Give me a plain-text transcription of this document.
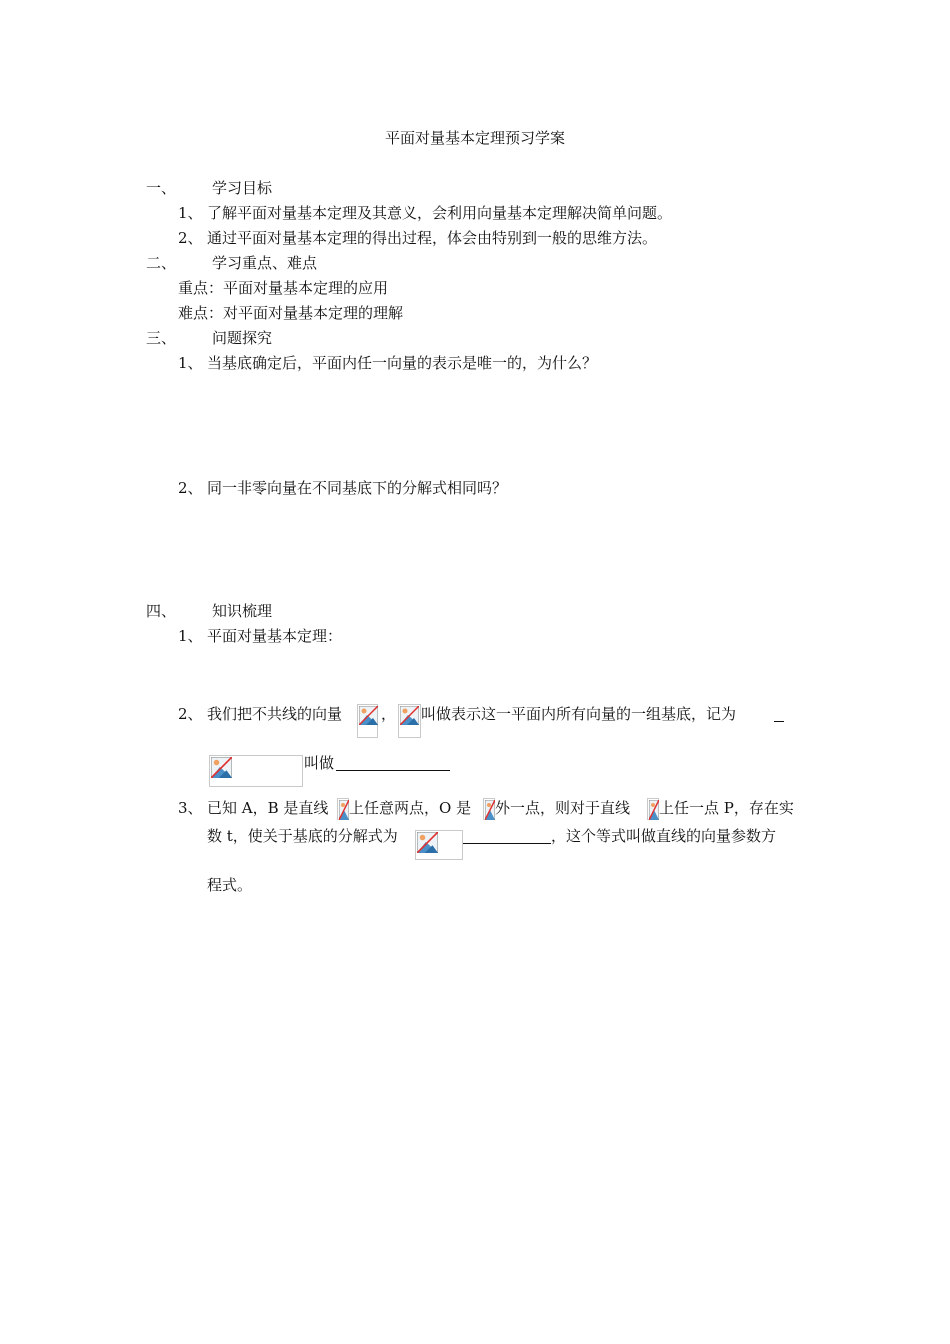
平面对量基本定理预习学案
一、 学习目标
1、 了解平面对量基本定理及其意义，会利用向量基本定理解决简单问题。
2、 通过平面对量基本定理的得出过程，体会由特别到一般的思维方法。
二、 学习重点、难点
重点：平面对量基本定理的应用
难点：对平面对量基本定理的理解
三、 问题探究
1、 当基底确定后，平面内任一向量的表示是唯一的，为什么？
2、 同一非零向量在不同基底下的分解式相同吗？
四、 知识梳理
1、 平面对量基本定理：
2、 我们把不共线的向量	， 叫做表示这一平面内所有向量的一组基底，记为
叫做
3、 已知 A，B 是直线 上任意两点，O 是 外一点，则对于直线 上任一点 P，存在实
数 t，使关于基底的分解式为	，这个等式叫做直线的向量参数方
程式。
